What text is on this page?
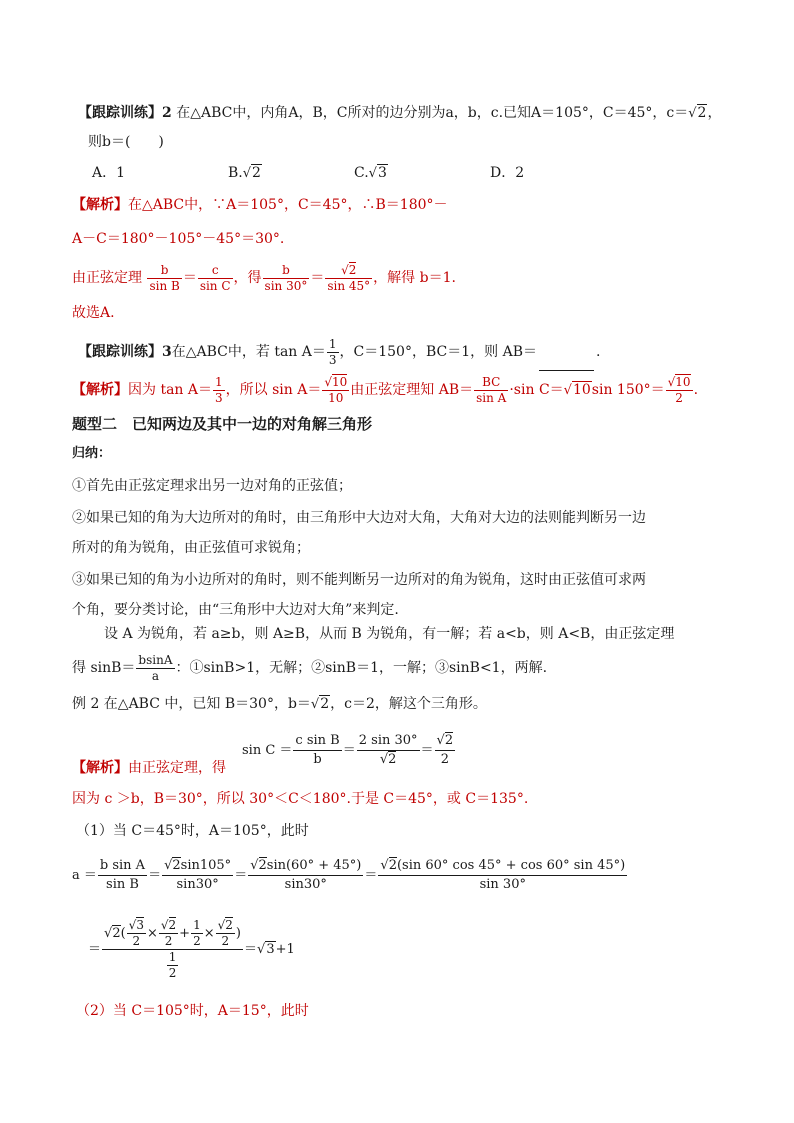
【跟踪训练】2 在△ABC中，内角A，B，C所对的边分别为a，b，c.已知A＝105°，C＝45°，c＝√2，
则b＝(　　)
A．1	B.√2	C.√3	D．2
【解析】在△ABC中，∵A＝105°，C＝45°，∴B＝180°－
A－C＝180°－105°－45°＝30°.
由正弦定理 $\frac{b}{\text{sin B}} = \frac{c}{\text{sin C}}$ ，得 $\frac{b}{\sin 30^\circ} = \frac{√2}{\sin 45^\circ}$ ，解得 b＝1.
故选A.
【跟踪训练】3在△ABC中，若 $\tan A= \frac{1}{3}$ ，C＝150°，BC＝1，则 AB＝	.
【解析】因为 $\tan A= \frac{1}{3}$ ，所以 $\sin A= \frac{√10}{10}$ 由正弦定理知 $AB= \frac{BC}{\text{sin A}} \cdot\sin$ C＝√10sin $150^\circ= \frac{√10}{2}$ .
题型二　已知两边及其中一边的对角解三角形
归纳：
①首先由正弦定理求出另一边对角的正弦值；
②如果已知的角为大边所对的角时，由三角形中大边对大角，大角对大边的法则能判断另一边
所对的角为锐角，由正弦值可求锐角；
③如果已知的角为小边所对的角时，则不能判断另一边所对的角为锐角，这时由正弦值可求两
个角，要分类讨论，由“三角形中大边对大角”来判定.
设 A 为锐角，若 a≥b，则 A≥B，从而 B 为锐角，有一解；若 a<b，则 A<B，由正弦定理
得 $\sin B= \frac{bsinA}{a}$ ：①sinB>1，无解；②sinB＝1，一解；③sinB<1，两解.
例 2 在△ABC 中，已知 B＝30°，b＝√2，c＝2，解这个三角形。
$\sin C = \frac{\text{c sin B}}{b} = \frac{2 \sin 30^\circ}{√2} = \frac{√2}{2}$
【解析】由正弦定理，得
因为 c ＞b，B＝30°，所以 30°＜C＜180°.于是 C＝45°，或 C＝135°.
（1）当 C＝45°时，A＝105°，此时
$a = \frac{\text{b sin A}}{\text{sin B}} = \frac{√2\sin 105^\circ}{\sin 30^\circ} = \frac{√2\sin(60^\circ + 45^\circ)}{\sin 30^\circ} = \frac{√2(\sin 60^\circ \cos 45^\circ + \cos 60^\circ \sin 45^\circ)}{\sin 30^\circ}$
＝ $\frac{√2( \frac{√3}{2} \times \frac{√2}{2} + \frac{1}{2} \times \frac{√2}{2} )}{\frac{1}{2}} =√3+1$
（2）当 C＝105°时，A＝15°，此时
